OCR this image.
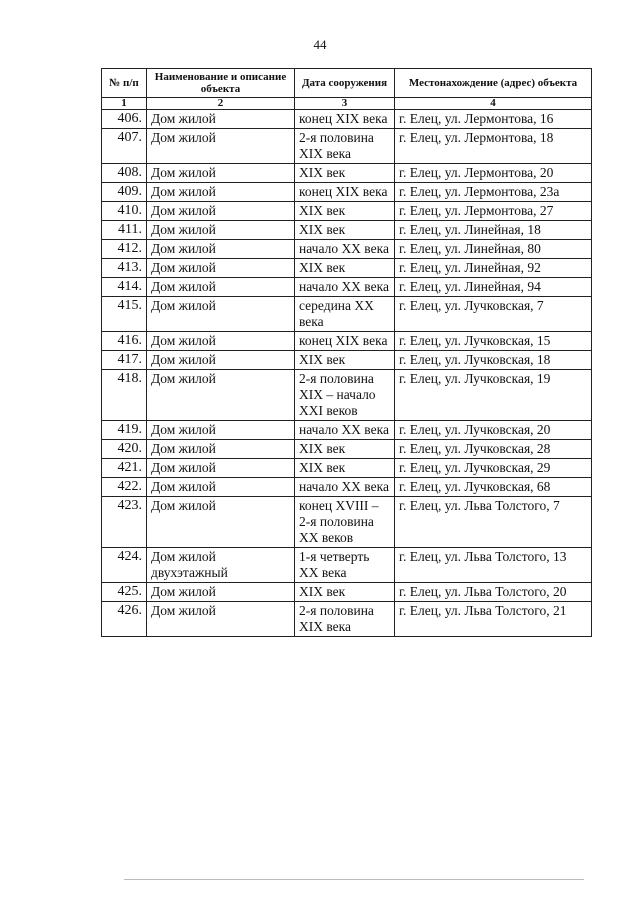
44
№ п/п	Наименование и описание объекта	Дата сооружения	Местонахождение (адрес) объекта
1	2	3	4
406.	Дом жилой	конец XIX века	г. Елец, ул. Лермонтова, 16
407.	Дом жилой	2-я половина XIX века	г. Елец, ул. Лермонтова, 18
408.	Дом жилой	XIX век	г. Елец, ул. Лермонтова, 20
409.	Дом жилой	конец XIX века	г. Елец, ул. Лермонтова, 23а
410.	Дом жилой	XIX век	г. Елец, ул. Лермонтова, 27
411.	Дом жилой	XIX век	г. Елец, ул. Линейная, 18
412.	Дом жилой	начало XX века	г. Елец, ул. Линейная, 80
413.	Дом жилой	XIX век	г. Елец, ул. Линейная, 92
414.	Дом жилой	начало XX века	г. Елец, ул. Линейная, 94
415.	Дом жилой	середина XX века	г. Елец, ул. Лучковская, 7
416.	Дом жилой	конец XIX века	г. Елец, ул. Лучковская, 15
417.	Дом жилой	XIX век	г. Елец, ул. Лучковская, 18
418.	Дом жилой	2-я половина XIX – начало XXI веков	г. Елец, ул. Лучковская, 19
419.	Дом жилой	начало XX века	г. Елец, ул. Лучковская, 20
420.	Дом жилой	XIX век	г. Елец, ул. Лучковская, 28
421.	Дом жилой	XIX век	г. Елец, ул. Лучковская, 29
422.	Дом жилой	начало XX века	г. Елец, ул. Лучковская, 68
423.	Дом жилой	конец XVIII – 2-я половина XX веков	г. Елец, ул. Льва Толстого, 7
424.	Дом жилой двухэтажный	1-я четверть XX века	г. Елец, ул. Льва Толстого, 13
425.	Дом жилой	XIX век	г. Елец, ул. Льва Толстого, 20
426.	Дом жилой	2-я половина XIX века	г. Елец, ул. Льва Толстого, 21
